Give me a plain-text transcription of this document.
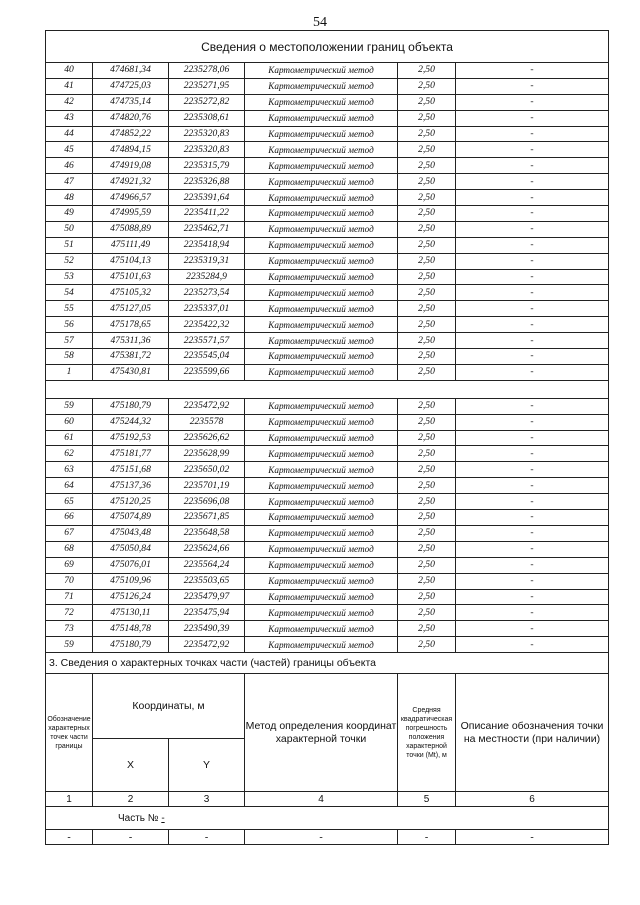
54
Сведения о местоположении границ объекта					
40	474681,34	2235278,06	Картометрический метод	2,50	-
41	474725,03	2235271,95	Картометрический метод	2,50	-
42	474735,14	2235272,82	Картометрический метод	2,50	-
43	474820,76	2235308,61	Картометрический метод	2,50	-
44	474852,22	2235320,83	Картометрический метод	2,50	-
45	474894,15	2235320,83	Картометрический метод	2,50	-
46	474919,08	2235315,79	Картометрический метод	2,50	-
47	474921,32	2235326,88	Картометрический метод	2,50	-
48	474966,57	2235391,64	Картометрический метод	2,50	-
49	474995,59	2235411,22	Картометрический метод	2,50	-
50	475088,89	2235462,71	Картометрический метод	2,50	-
51	475111,49	2235418,94	Картометрический метод	2,50	-
52	475104,13	2235319,31	Картометрический метод	2,50	-
53	475101,63	2235284,9	Картометрический метод	2,50	-
54	475105,32	2235273,54	Картометрический метод	2,50	-
55	475127,05	2235337,01	Картометрический метод	2,50	-
56	475178,65	2235422,32	Картометрический метод	2,50	-
57	475311,36	2235571,57	Картометрический метод	2,50	-
58	475381,72	2235545,04	Картометрический метод	2,50	-
1	475430,81	2235599,66	Картометрический метод	2,50	-

59	475180,79	2235472,92	Картометрический метод	2,50	-
60	475244,32	2235578	Картометрический метод	2,50	-
61	475192,53	2235626,62	Картометрический метод	2,50	-
62	475181,77	2235628,99	Картометрический метод	2,50	-
63	475151,68	2235650,02	Картометрический метод	2,50	-
64	475137,36	2235701,19	Картометрический метод	2,50	-
65	475120,25	2235696,08	Картометрический метод	2,50	-
66	475074,89	2235671,85	Картометрический метод	2,50	-
67	475043,48	2235648,58	Картометрический метод	2,50	-
68	475050,84	2235624,66	Картометрический метод	2,50	-
69	475076,01	2235564,24	Картометрический метод	2,50	-
70	475109,96	2235503,65	Картометрический метод	2,50	-
71	475126,24	2235479,97	Картометрический метод	2,50	-
72	475130,11	2235475,94	Картометрический метод	2,50	-
73	475148,78	2235490,39	Картометрический метод	2,50	-
59	475180,79	2235472,92	Картометрический метод	2,50	-
3. Сведения о характерных точках части (частей) границы объекта					
Обозначение характерных точек части границы	Координаты, м		Метод определения координат характерной точки	Средняя квадратическая погрешность положения характерной точки (Мt), м	Описание обозначения точки на местности (при наличии)
	X	Y			
1	2	3	4	5	6
Часть № -					
-	-	-	-	-	-
